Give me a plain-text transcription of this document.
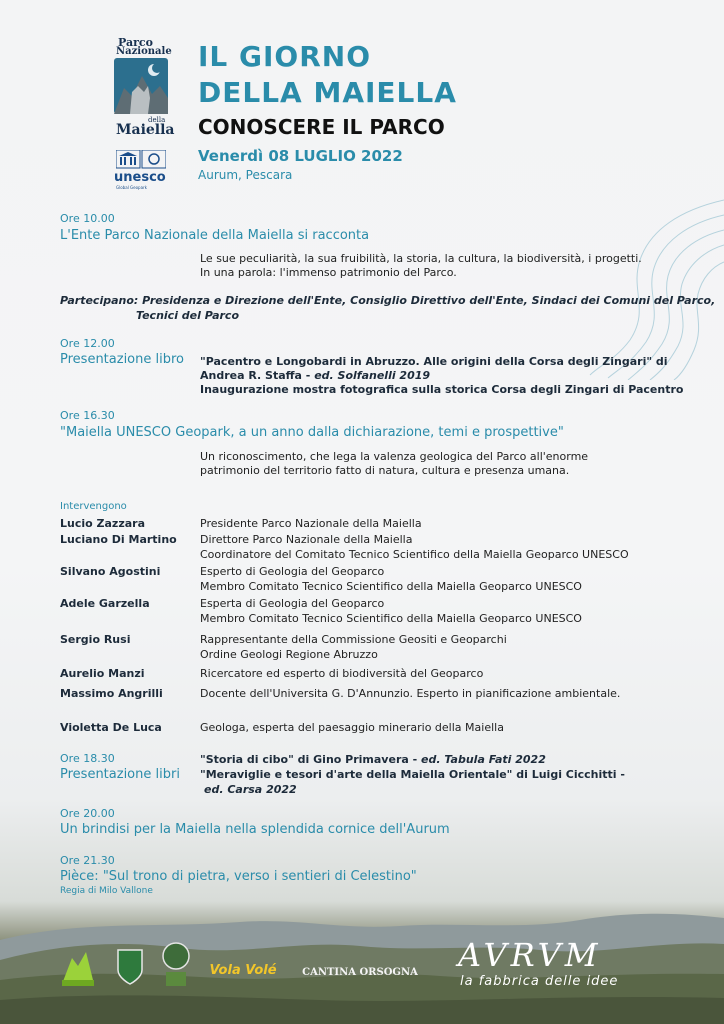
Parco
Nazionale
della
Maiella
unesco
Global Geopark
IL GIORNO
DELLA MAIELLA
CONOSCERE IL PARCO
Venerdì 08 LUGLIO 2022
Aurum, Pescara
Ore 10.00
L'Ente Parco Nazionale della Maiella si racconta
Le sue peculiarità, la sua fruibilità, la storia, la cultura, la biodiversità, i progetti.
In una parola: l'immenso patrimonio del Parco.
Partecipano: Presidenza e Direzione dell'Ente, Consiglio Direttivo dell'Ente, Sindaci dei Comuni del Parco,
Tecnici del Parco
Ore 12.00
Presentazione libro "Pacentro e Longobardi in Abruzzo. Alle origini della Corsa degli Zingari" di
Andrea R. Staffa - ed. Solfanelli 2019
Inaugurazione mostra fotografica sulla storica Corsa degli Zingari di Pacentro
Ore 16.30
"Maiella UNESCO Geopark, a un anno dalla dichiarazione, temi e prospettive"
Un riconoscimento, che lega la valenza geologica del Parco all'enorme
patrimonio del territorio fatto di natura, cultura e presenza umana.
Intervengono
Lucio Zazzara	Presidente Parco Nazionale della Maiella
Luciano Di Martino	Direttore Parco Nazionale della Maiella
Coordinatore del Comitato Tecnico Scientifico della Maiella Geoparco UNESCO
Silvano Agostini	Esperto di Geologia del Geoparco
Membro Comitato Tecnico Scientifico della Maiella Geoparco UNESCO
Adele Garzella	Esperta di Geologia del Geoparco
Membro Comitato Tecnico Scientifico della Maiella Geoparco UNESCO
Sergio Rusi	Rappresentante della Commissione Geositi e Geoparchi
Ordine Geologi Regione Abruzzo
Aurelio Manzi	Ricercatore ed esperto di biodiversità del Geoparco
Massimo Angrilli	Docente dell'Universita G. D'Annunzio. Esperto in pianificazione ambientale.
Violetta De Luca	Geologa, esperta del paesaggio minerario della Maiella
Ore 18.30
Presentazione libri
"Storia di cibo" di Gino Primavera - ed. Tabula Fati 2022
"Meraviglie e tesori d'arte della Maiella Orientale" di Luigi Cicchitti -
ed. Carsa 2022
Ore 20.00
Un brindisi per la Maiella nella splendida cornice dell'Aurum
Ore 21.30
Pièce: "Sul trono di pietra, verso i sentieri di Celestino"
Regia di Milo Vallone
Vola Volé	CANTINA ORSOGNA AVRVM
la fabbrica delle idee
